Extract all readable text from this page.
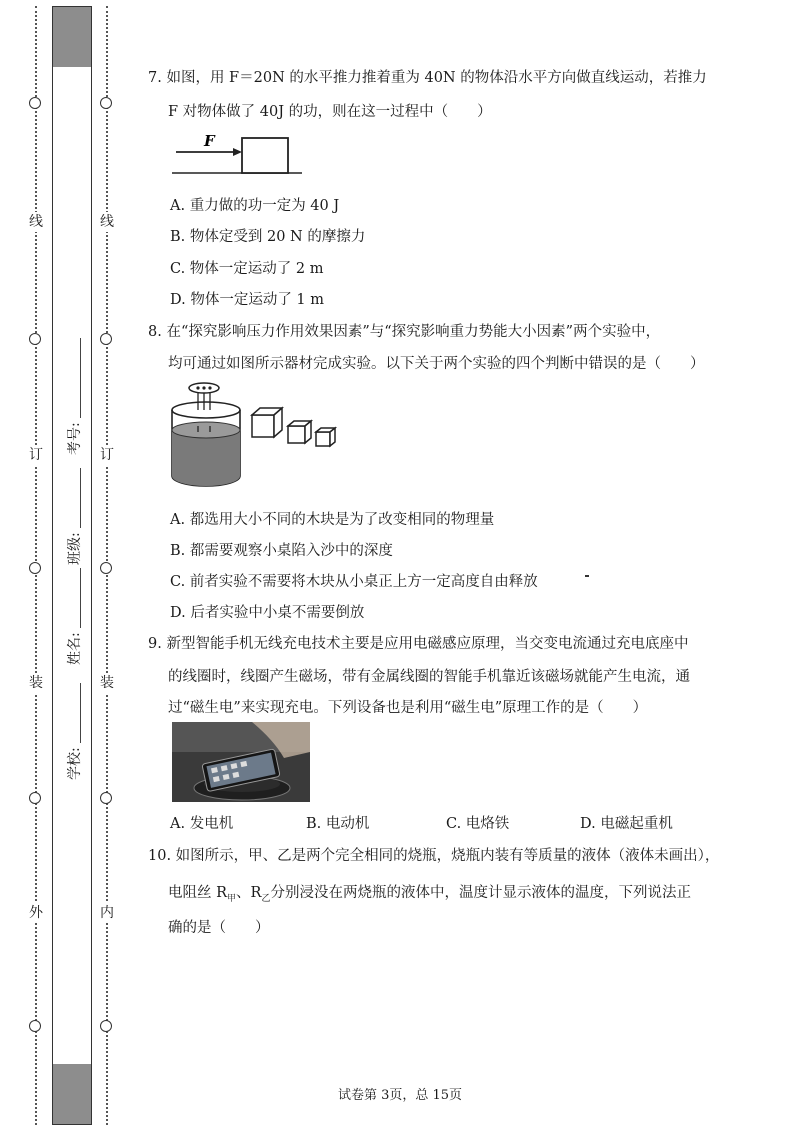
线
订
装
外
线
订
装
内
学校:
姓名:
班级:
考号:
7. 如图，用 F＝20N 的水平推力推着重为 40N 的物体沿水平方向做直线运动，若推力
F 对物体做了 40J 的功，则在这一过程中（　　）
F
A. 重力做的功一定为 40 J
B. 物体定受到 20 N 的摩擦力
C. 物体一定运动了 2 m
D. 物体一定运动了 1 m
8. 在“探究影响压力作用效果因素”与“探究影响重力势能大小因素”两个实验中，
均可通过如图所示器材完成实验。以下关于两个实验的四个判断中错误的是（　　）
A. 都选用大小不同的木块是为了改变相同的物理量
B. 都需要观察小桌陷入沙中的深度
C. 前者实验不需要将木块从小桌正上方一定高度自由释放
D. 后者实验中小桌不需要倒放
9. 新型智能手机无线充电技术主要是应用电磁感应原理，当交变电流通过充电底座中
的线圈时，线圈产生磁场，带有金属线圈的智能手机靠近该磁场就能产生电流，通
过“磁生电”来实现充电。下列设备也是利用“磁生电”原理工作的是（　　）
A. 发电机	B. 电动机	C. 电烙铁	D. 电磁起重机
10. 如图所示，甲、乙是两个完全相同的烧瓶，烧瓶内装有等质量的液体（液体未画出），
电阻丝 $R_甲$、$R_乙$分别浸没在两烧瓶的液体中，温度计显示液体的温度，下列说法正
确的是（　　）
试卷第 3页，总 15页
